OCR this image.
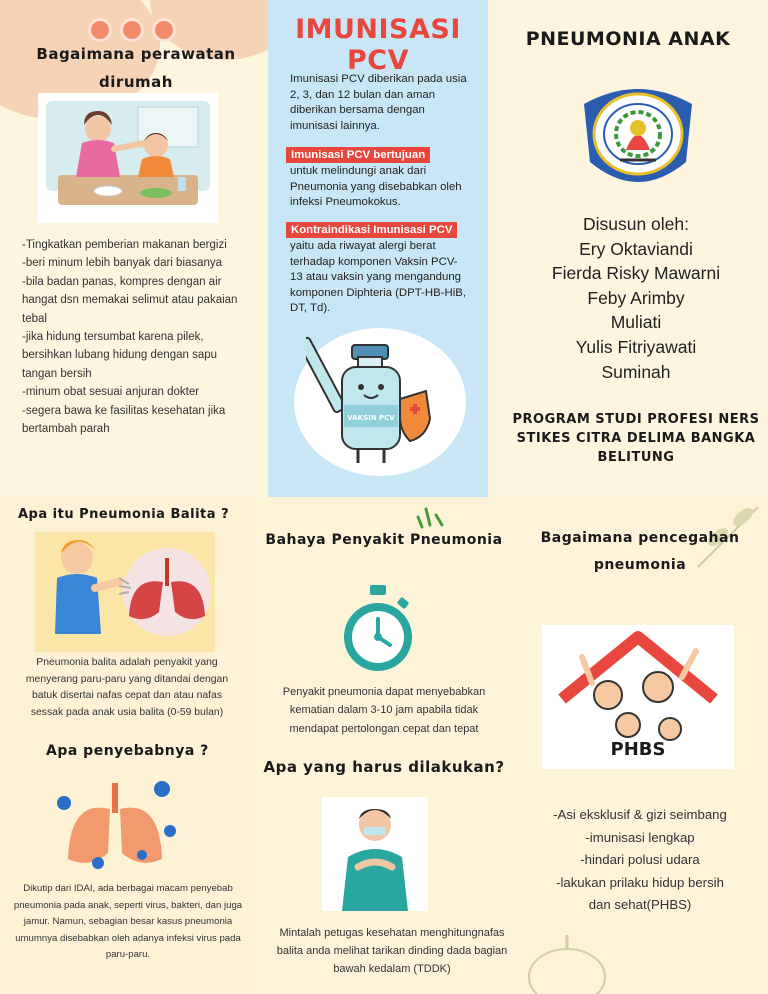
Bagaimana perawatan dirumah

-Tingkatkan pemberian makanan bergizi

-beri minum lebih banyak dari biasanya

-bila badan panas, kompres dengan air hangat dsn memakai selimut atau pakaian tebal

-jika hidung tersumbat karena pilek, bersihkan lubang hidung dengan sapu tangan bersih

-minum obat sesuai anjuran dokter

-segera bawa ke fasilitas kesehatan jika bertambah parah

IMUNISASI PCV

Imunisasi PCV diberikan pada usia 2, 3, dan 12 bulan dan aman diberikan bersama dengan imunisasi lainnya.

Imunisasi PCV bertujuan

untuk melindungi anak dari Pneumonia yang disebabkan oleh infeksi Pneumokokus.

Kontraindikasi Imunisasi PCV

yaitu ada riwayat alergi berat terhadap komponen Vaksin PCV-13 atau vaksin yang mengandung komponen Diphteria (DPT-HB-HiB, DT, Td).

VAKSIN PCV
PNEUMONIA ANAK

Disusun oleh:

Ery Oktaviandi

Fierda Risky Mawarni

Feby Arimby

Muliati

Yulis Fitriyawati

Suminah

PROGRAM STUDI PROFESI NERS STIKES CITRA DELIMA BANGKA BELITUNG

Apa itu Pneumonia Balita ?

Pneumonia balita adalah penyakit yang menyerang paru-paru yang ditandai dengan batuk disertai nafas cepat dan atau nafas sessak pada anak usia balita (0-59 bulan)

Apa penyebabnya ?

Dikutip dari IDAI, ada berbagai macam penyebab pneumonia pada anak, seperti virus, bakteri, dan juga jamur. Namun, sebagian besar kasus pneumonia umumnya disebabkan oleh adanya infeksi virus pada paru-paru.

Bahaya Penyakit Pneumonia

Penyakit pneumonia dapat menyebabkan kematian dalam 3-10 jam apabila tidak mendapat pertolongan cepat dan tepat

Apa yang harus dilakukan?

Mintalah petugas kesehatan menghitungnafas balita anda melihat tarikan dinding dada bagian bawah kedalam (TDDK)

Bagaimana pencegahan pneumonia
PHBS

-Asi eksklusif & gizi seimbang

-imunisasi lengkap

-hindari polusi udara

-lakukan prilaku hidup bersih dan sehat(PHBS)
